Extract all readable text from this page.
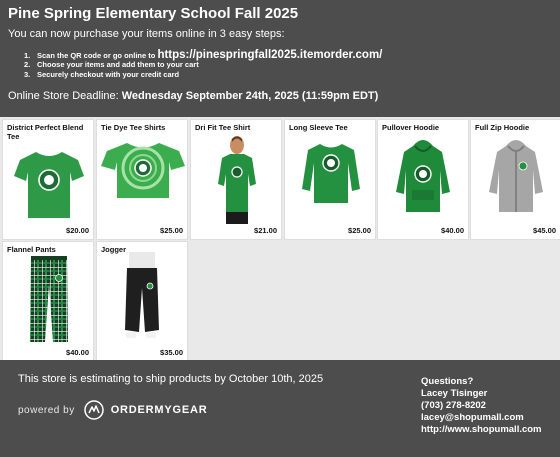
Pine Spring Elementary School Fall 2025
You can now purchase your items online in 3 easy steps:
1. Scan the QR code or go online to https://pinespringfall2025.itemorder.com/
2. Choose your items and add them to your cart
3. Securely checkout with your credit card
Online Store Deadline: Wednesday September 24th, 2025 (11:59pm EDT)
District Perfect Blend Tee
$20.00
Tie Dye Tee Shirts
$25.00
Dri Fit Tee Shirt
$21.00
Long Sleeve Tee
$25.00
Pullover Hoodie
$40.00
Full Zip Hoodie
$45.00
Flannel Pants
$40.00
Jogger
$35.00
This store is estimating to ship products by October 10th, 2025
powered by	ORDERMYGEAR
Questions?
Lacey Tisinger
(703) 278-8202
lacey@shopumall.com
http://www.shopumall.com
